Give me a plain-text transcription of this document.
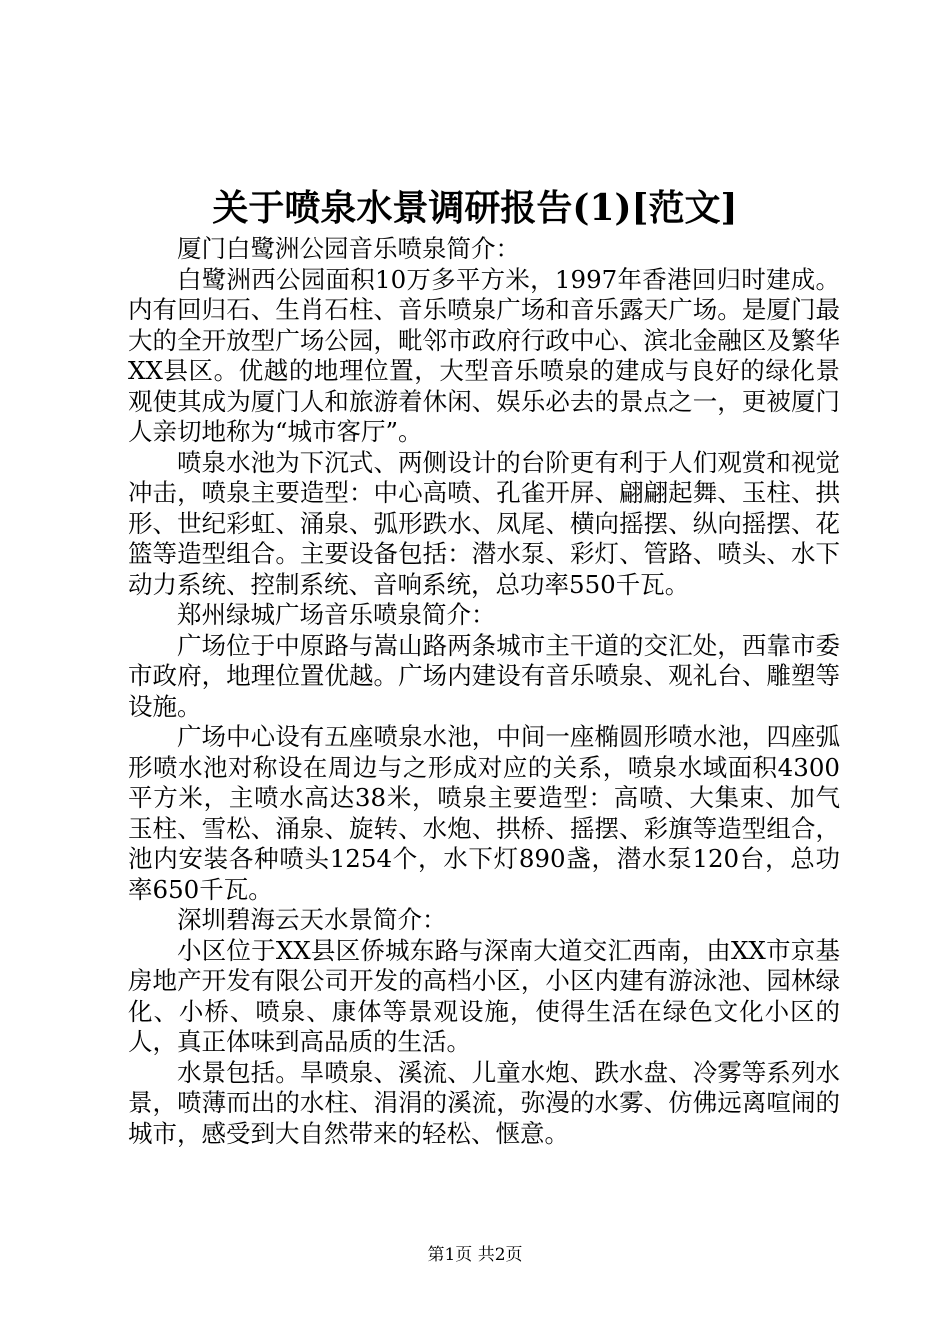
关于喷泉水景调研报告(1)[范文]

厦门白鹭洲公园音乐喷泉简介：

白鹭洲西公园面积10万多平方米，1997年香港回归时建成。内有回归石、生肖石柱、音乐喷泉广场和音乐露天广场。是厦门最大的全开放型广场公园，毗邻市政府行政中心、滨北金融区及繁华XX县区。优越的地理位置，大型音乐喷泉的建成与良好的绿化景观使其成为厦门人和旅游着休闲、娱乐必去的景点之一，更被厦门人亲切地称为“城市客厅”。

喷泉水池为下沉式、两侧设计的台阶更有利于人们观赏和视觉冲击，喷泉主要造型：中心高喷、孔雀开屏、翩翩起舞、玉柱、拱形、世纪彩虹、涌泉、弧形跌水、凤尾、横向摇摆、纵向摇摆、花篮等造型组合。主要设备包括：潜水泵、彩灯、管路、喷头、水下动力系统、控制系统、音响系统，总功率550千瓦。

郑州绿城广场音乐喷泉简介：

广场位于中原路与嵩山路两条城市主干道的交汇处，西靠市委市政府，地理位置优越。广场内建设有音乐喷泉、观礼台、雕塑等设施。

广场中心设有五座喷泉水池，中间一座椭圆形喷水池，四座弧形喷水池对称设在周边与之形成对应的关系，喷泉水域面积4300平方米，主喷水高达38米，喷泉主要造型：高喷、大集束、加气玉柱、雪松、涌泉、旋转、水炮、拱桥、摇摆、彩旗等造型组合，池内安装各种喷头1254个，水下灯890盏，潜水泵120台，总功率650千瓦。

深圳碧海云天水景简介：

小区位于XX县区侨城东路与深南大道交汇西南，由XX市京基房地产开发有限公司开发的高档小区，小区内建有游泳池、园林绿化、小桥、喷泉、康体等景观设施，使得生活在绿色文化小区的人，真正体味到高品质的生活。

水景包括。旱喷泉、溪流、儿童水炮、跌水盘、冷雾等系列水景，喷薄而出的水柱、涓涓的溪流，弥漫的水雾、仿佛远离喧闹的城市，感受到大自然带来的轻松、惬意。

第1页 共2页
